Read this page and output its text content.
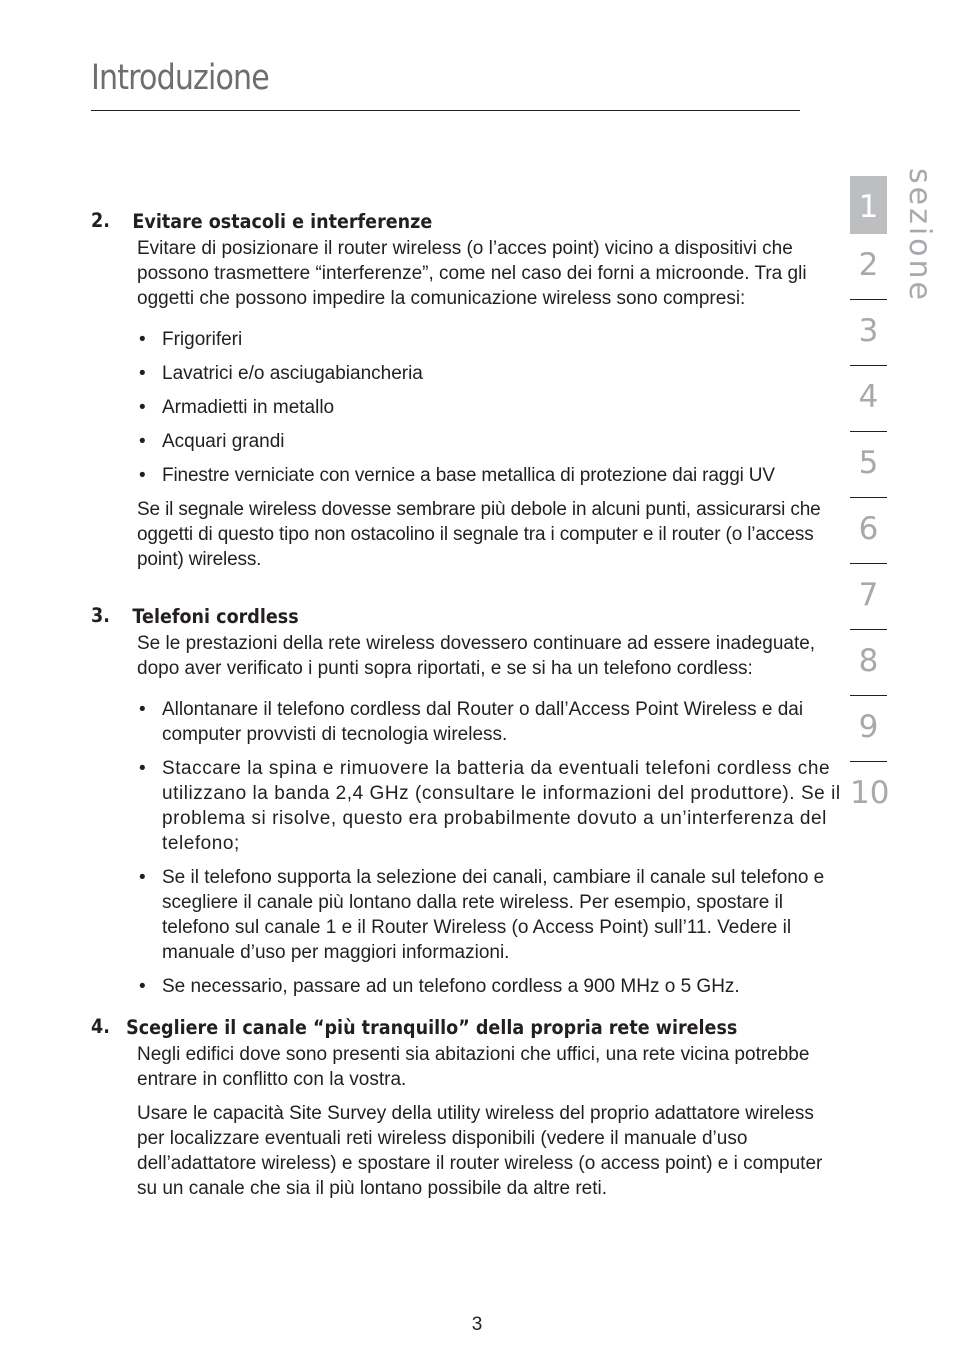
Introduzione
sezione
1
2
3
4
5
6
7
8
9
10
2.	Evitare ostacoli e interferenze

Evitare di posizionare il router wireless (o l’acces point) vicino a dispositivi che possono trasmettere “interferenze”, come nel caso dei forni a microonde. Tra gli oggetti che possono impedire la comunicazione wireless sono compresi:

• Frigoriferi
• Lavatrici e/o asciugabiancheria
• Armadietti in metallo
• Acquari grandi
• Finestre verniciate con vernice a base metallica di protezione dai raggi UV

Se il segnale wireless dovesse sembrare più debole in alcuni punti, assicurarsi che oggetti di questo tipo non ostacolino il segnale tra i computer e il router (o l’access point) wireless.

3.	Telefoni cordless

Se le prestazioni della rete wireless dovessero continuare ad essere inadeguate, dopo aver verificato i punti sopra riportati, e se si ha un telefono cordless:

• Allontanare il telefono cordless dal Router o dall’Access Point Wireless e dai computer provvisti di tecnologia wireless.
• Staccare la spina e rimuovere la batteria da eventuali telefoni cordless che utilizzano la banda 2,4 GHz (consultare le informazioni del produttore). Se il problema si risolve, questo era probabilmente dovuto a un’interferenza del telefono;
• Se il telefono supporta la selezione dei canali, cambiare il canale sul telefono e scegliere il canale più lontano dalla rete wireless. Per esempio, spostare il telefono sul canale 1 e il Router Wireless (o Access Point) sull’11. Vedere il manuale d’uso per maggiori informazioni.
• Se necessario, passare ad un telefono cordless a 900 MHz o 5 GHz.
4. Scegliere il canale “più tranquillo” della propria rete wireless

Negli edifici dove sono presenti sia abitazioni che uffici, una rete vicina potrebbe entrare in conflitto con la vostra.

Usare le capacità Site Survey della utility wireless del proprio adattatore wireless per localizzare eventuali reti wireless disponibili (vedere il manuale d’uso dell’adattatore wireless) e spostare il router wireless (o access point) e i computer su un canale che sia il più lontano possibile da altre reti.

3
